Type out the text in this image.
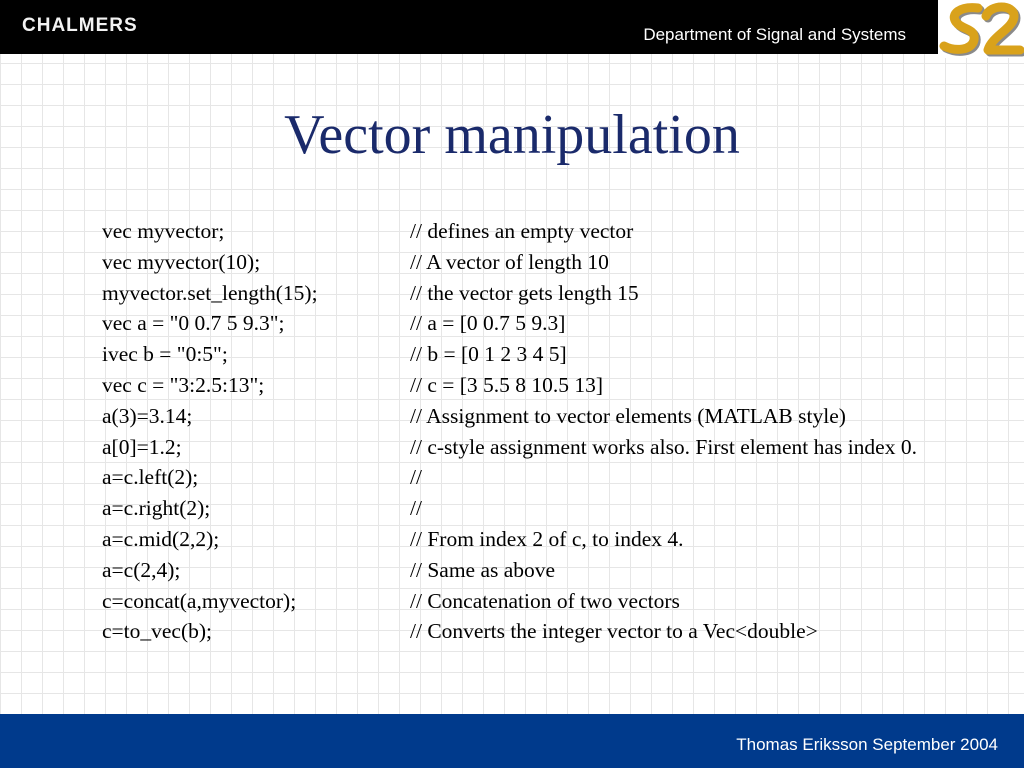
CHALMERS	Department of Signal and Systems
Vector manipulation
vec myvector;	// defines an empty vector
vec myvector(10);	// A vector of length 10
myvector.set_length(15);	// the vector gets length 15
vec a = "0 0.7 5 9.3";	// a = [0 0.7 5 9.3]
ivec b = "0:5";	// b = [0 1 2 3 4 5]
vec c = "3:2.5:13";	// c = [3 5.5 8 10.5 13]
a(3)=3.14;	// Assignment to vector elements (MATLAB style)
a[0]=1.2;	// c-style assignment works also. First element has index 0.
a=c.left(2);	//
a=c.right(2);	//
a=c.mid(2,2);	// From index 2 of c, to index 4.
a=c(2,4);	// Same as above
c=concat(a,myvector);	// Concatenation of two vectors
c=to_vec(b);	// Converts the integer vector to a Vec<double>
Thomas Eriksson September 2004
